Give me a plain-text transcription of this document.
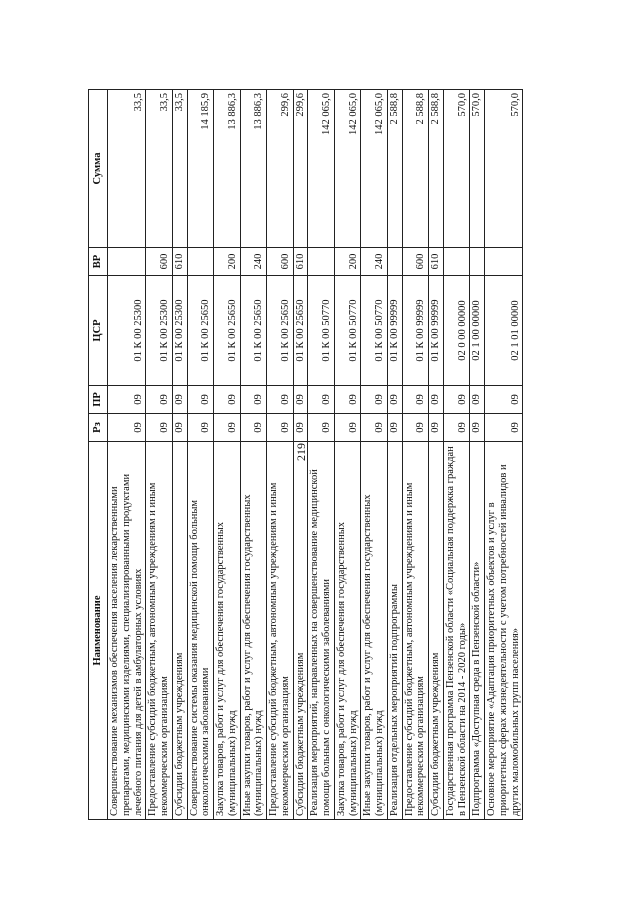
219
Наименование	Рз	ПР	ЦСР	ВР	Сумма
Совершенствование механизмов обеспечения населения лекарственными препаратами, медицинскими изделиями, специализированными продуктами лечебного питания для детей в амбулаторных условиях	09	09	01 К 00 25300		33,5
Предоставление субсидий бюджетным, автономным учреждениям и иным некоммерческим организациям	09	09	01 К 00 25300	600	33,5
Субсидии бюджетным учреждениям	09	09	01 К 00 25300	610	33,5
Совершенствование системы оказания медицинской помощи больным онкологическими заболеваниями	09	09	01 К 00 25650		14 185,9
Закупка товаров, работ и услуг для обеспечения государственных (муниципальных) нужд	09	09	01 К 00 25650	200	13 886,3
Иные закупки товаров, работ и услуг для обеспечения государственных (муниципальных) нужд	09	09	01 К 00 25650	240	13 886,3
Предоставление субсидий бюджетным, автономным учреждениям и иным некоммерческим организациям	09	09	01 К 00 25650	600	299,6
Субсидии бюджетным учреждениям	09	09	01 К 00 25650	610	299,6
Реализация мероприятий, направленных на совершенствование медицинской помощи больным с онкологическими заболеваниями	09	09	01 К 00 50770		142 065,0
Закупка товаров, работ и услуг для обеспечения государственных (муниципальных) нужд	09	09	01 К 00 50770	200	142 065,0
Иные закупки товаров, работ и услуг для обеспечения государственных (муниципальных) нужд	09	09	01 К 00 50770	240	142 065,0
Реализация отдельных мероприятий подпрограммы	09	09	01 К 00 99999		2 588,8
Предоставление субсидий бюджетным, автономным учреждениям и иным некоммерческим организациям	09	09	01 К 00 99999	600	2 588,8
Субсидии бюджетным учреждениям	09	09	01 К 00 99999	610	2 588,8
Государственная программа Пензенской области «Социальная поддержка граждан в Пензенской области на 2014 - 2020 годы»	09	09	02 0 00 00000		570,0
Подпрограмма «Доступная среда в Пензенской области»	09	09	02 1 00 00000		570,0
Основное мероприятие «Адаптация приоритетных объектов и услуг в приоритетных сферах жизнедеятельности с учетом потребностей инвалидов и других маломобильных групп населения»	09	09	02 1 01 00000		570,0
